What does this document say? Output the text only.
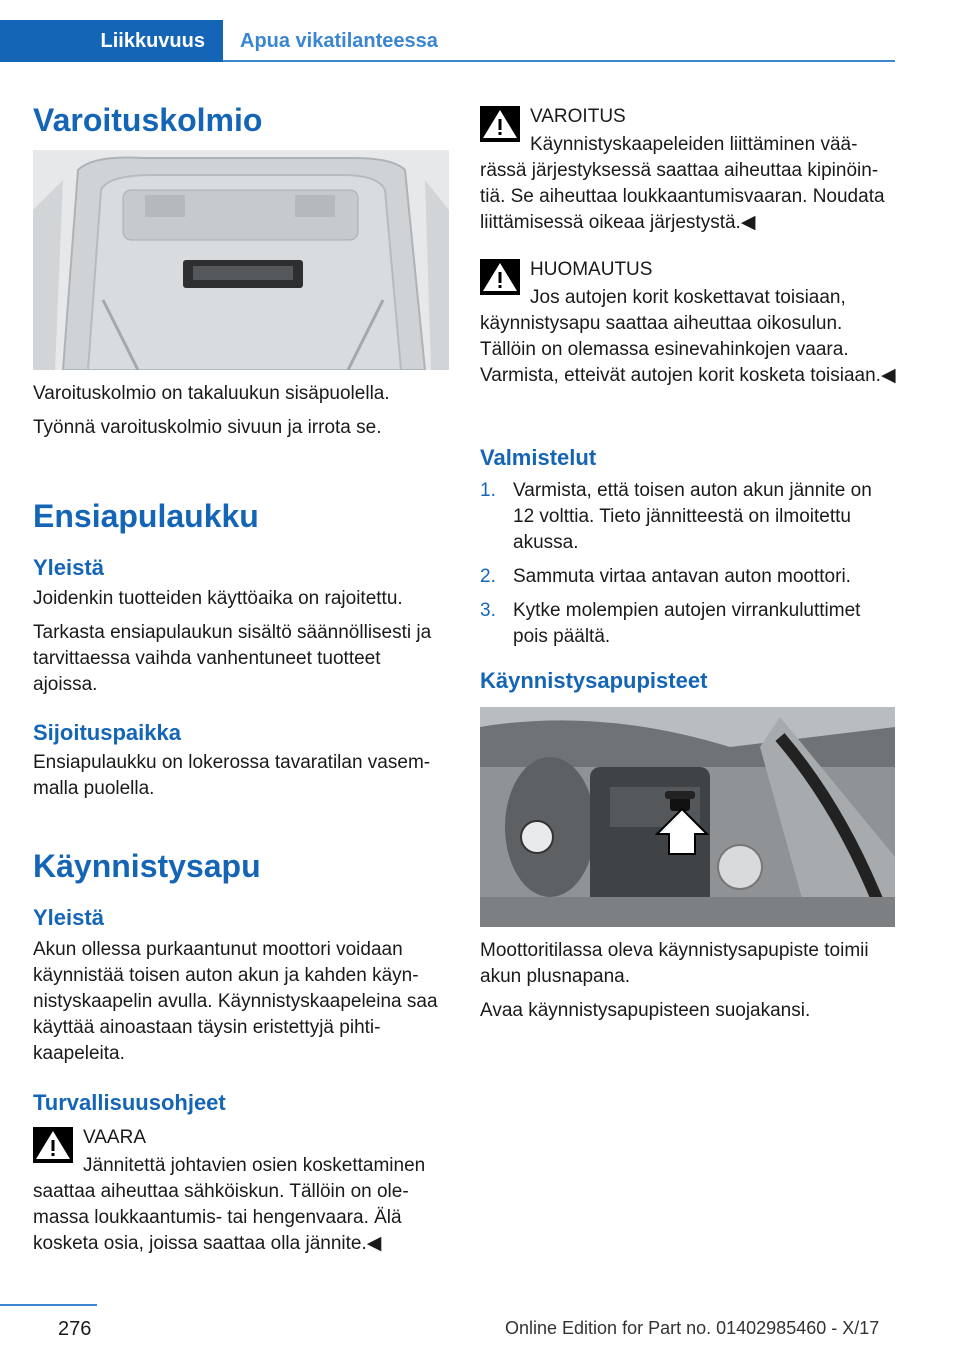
Liikkuvuus	Apua vikatilanteessa
Varoituskolmio

Varoituskolmio on takaluukun sisäpuolella.

Työnnä varoituskolmio sivuun ja irrota se.

Ensiapulaukku
Yleistä

Joidenkin tuotteiden käyttöaika on rajoitettu.

Tarkasta ensiapulaukun sisältö säännöllisesti ja tarvittaessa vaihda vanhentuneet tuotteet ajoissa.

Sijoituspaikka

Ensiapulaukku on lokerossa tavaratilan vasemmalla puolella.

Käynnistysapu
Yleistä

Akun ollessa purkaantunut moottori voidaan käynnistää toisen auton akun ja kahden käynnistyskaapelin avulla. Käynnistyskaapeleina saa käyttää ainoastaan täysin eristettyjä pihtikaapeleita.

Turvallisuusohjeet
VAARA
Jännitettä johtavien osien koskettaminen saattaa aiheuttaa sähköiskun. Tällöin on olemassa loukkaantumis- tai hengenvaara. Älä kosketa osia, joissa saattaa olla jännite.◀
VAROITUS
Käynnistyskaapeleiden liittäminen väärässä järjestyksessä saattaa aiheuttaa kipinöintiä. Se aiheuttaa loukkaantumisvaaran. Noudata liittämisessä oikeaa järjestystä.◀
HUOMAUTUS
Jos autojen korit koskettavat toisiaan, käynnistysapu saattaa aiheuttaa oikosulun. Tällöin on olemassa esinevahinkojen vaara. Varmista, etteivät autojen korit kosketa toisiaan.◀
Valmistelut
1. Varmista, että toisen auton akun jännite on 12 volttia. Tieto jännitteestä on ilmoitettu akussa.
2. Sammuta virtaa antavan auton moottori.
3. Kytke molempien autojen virrankuluttimet pois päältä.
Käynnistysapupisteet

Moottoritilassa oleva käynnistysapupiste toimii akun plusnapana.

Avaa käynnistysapupisteen suojakansi.

276	Online Edition for Part no. 01402985460 - X/17
